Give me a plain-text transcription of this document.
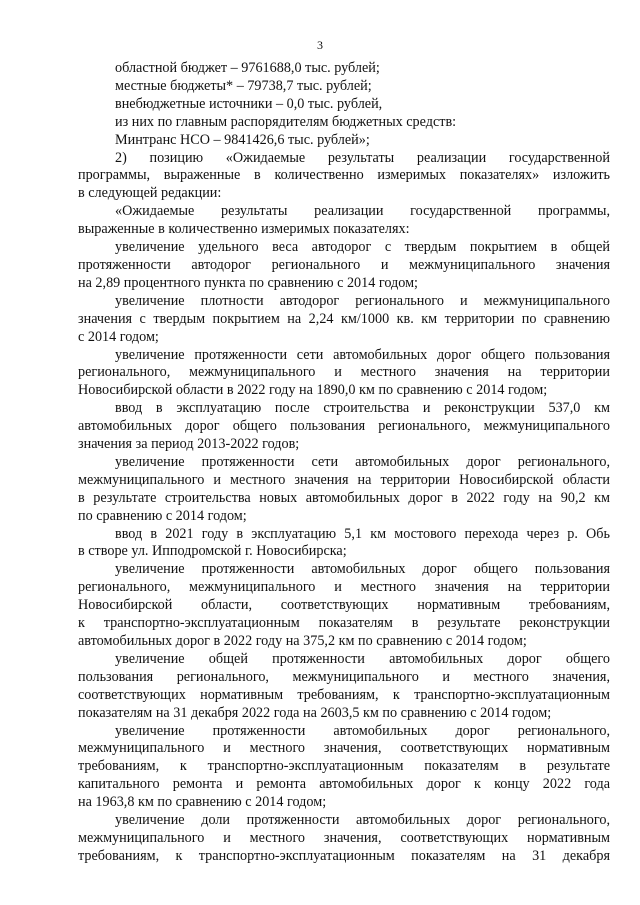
3
областной бюджет – 9761688,0 тыс. рублей;
местные бюджеты* – 79738,7 тыс. рублей;
внебюджетные источники – 0,0 тыс. рублей,
из них по главным распорядителям бюджетных средств:
Минтранс НСО – 9841426,6 тыс. рублей»;
2) позицию «Ожидаемые результаты реализации государственной
программы, выраженные в количественно измеримых показателях» изложить
в следующей редакции:
«Ожидаемые результаты реализации государственной программы,
выраженные в количественно измеримых показателях:
увеличение удельного веса автодорог с твердым покрытием в общей
протяженности автодорог регионального и межмуниципального значения
на 2,89 процентного пункта по сравнению с 2014 годом;
увеличение плотности автодорог регионального и межмуниципального
значения с твердым покрытием на 2,24 км/1000 кв. км территории по сравнению
с 2014 годом;
увеличение протяженности сети автомобильных дорог общего пользования
регионального, межмуниципального и местного значения на территории
Новосибирской области в 2022 году на 1890,0 км по сравнению с 2014 годом;
ввод в эксплуатацию после строительства и реконструкции 537,0 км
автомобильных дорог общего пользования регионального, межмуниципального
значения за период 2013-2022 годов;
увеличение протяженности сети автомобильных дорог регионального,
межмуниципального и местного значения на территории Новосибирской области
в результате строительства новых автомобильных дорог в 2022 году на 90,2 км
по сравнению с 2014 годом;
ввод в 2021 году в эксплуатацию 5,1 км мостового перехода через р. Обь
в створе ул. Ипподромской г. Новосибирска;
увеличение протяженности автомобильных дорог общего пользования
регионального, межмуниципального и местного значения на территории
Новосибирской области, соответствующих нормативным требованиям,
к транспортно-эксплуатационным показателям в результате реконструкции
автомобильных дорог в 2022 году на 375,2 км по сравнению с 2014 годом;
увеличение общей протяженности автомобильных дорог общего
пользования регионального, межмуниципального и местного значения,
соответствующих нормативным требованиям, к транспортно-эксплуатационным
показателям на 31 декабря 2022 года на 2603,5 км по сравнению с 2014 годом;
увеличение протяженности автомобильных дорог регионального,
межмуниципального и местного значения, соответствующих нормативным
требованиям, к транспортно-эксплуатационным показателям в результате
капитального ремонта и ремонта автомобильных дорог к концу 2022 года
на 1963,8 км по сравнению с 2014 годом;
увеличение доли протяженности автомобильных дорог регионального,
межмуниципального и местного значения, соответствующих нормативным
требованиям, к транспортно-эксплуатационным показателям на 31 декабря
